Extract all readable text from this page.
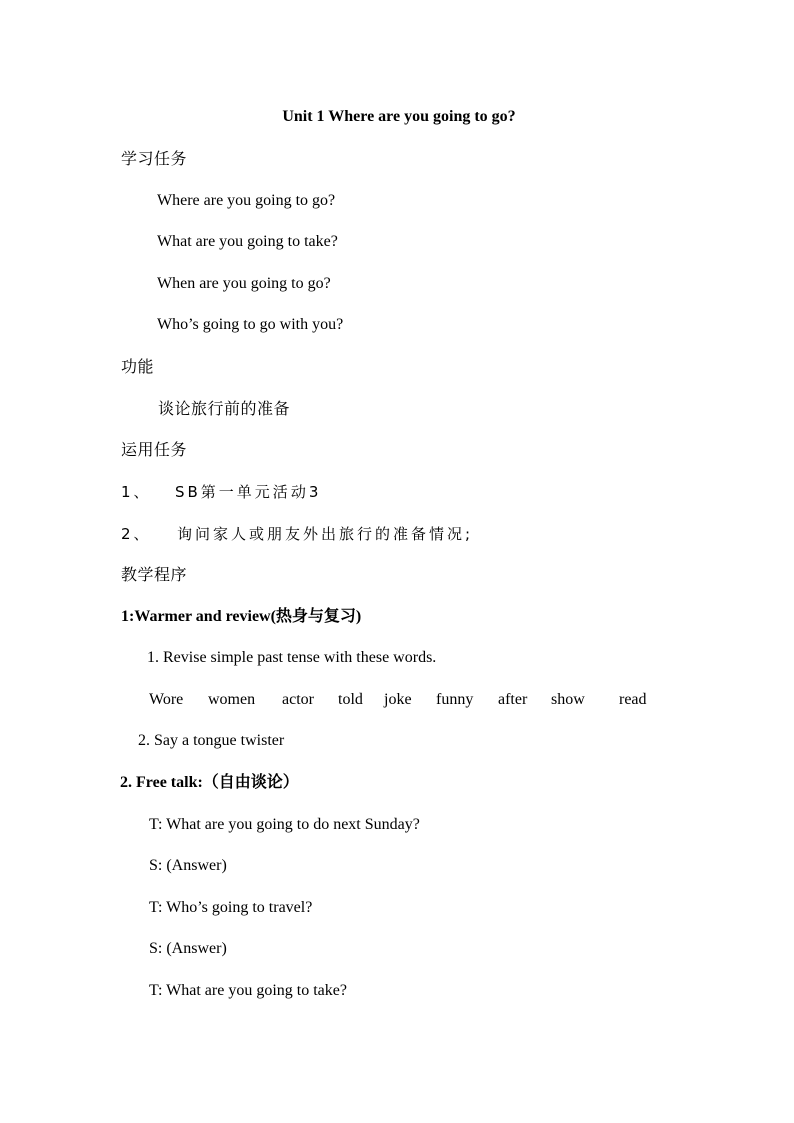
Unit 1 Where are you going to go?
学习任务
Where are you going to go?
What are you going to take?
When are you going to go?
Who’s going to go with you?
功能
谈论旅行前的准备
运用任务
1、 SB第一单元活动3
2、 询问家人或朋友外出旅行的准备情况;
教学程序
1:Warmer and review(热身与复习)
1. Revise simple past tense with these words.
Wore women actor told joke funny after show read
2. Say a tongue twister
2. Free talk:（自由谈论）
T: What are you going to do next Sunday?
S: (Answer)
T: Who’s going to travel?
S: (Answer)
T: What are you going to take?
